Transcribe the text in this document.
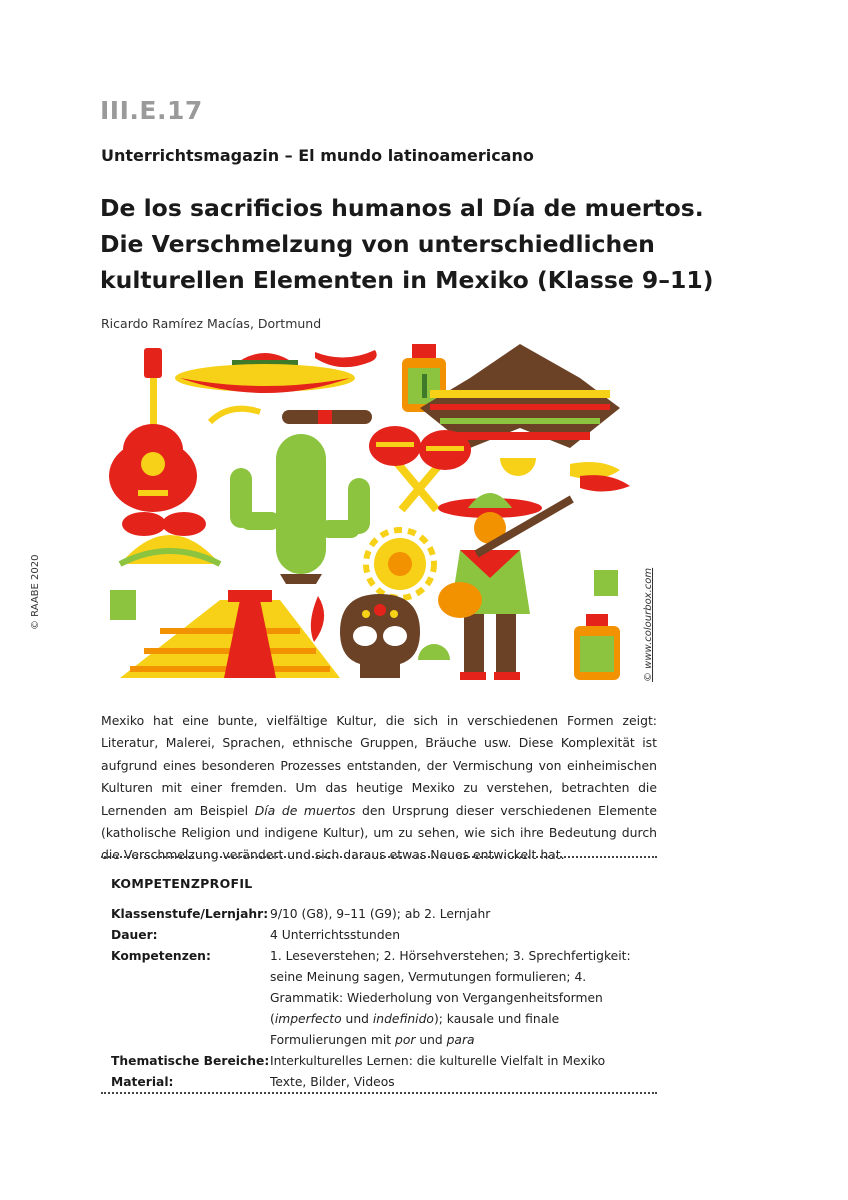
III.E.17
Unterrichtsmagazin – El mundo latinoamericano
De los sacrificios humanos al Día de muertos.
Die Verschmelzung von unterschiedlichen
kulturellen Elementen in Mexiko (Klasse 9–11)
Ricardo Ramírez Macías, Dortmund
© RAABE 2020	© www.colourbox.com
Mexiko hat eine bunte, vielfältige Kultur, die sich in verschiedenen Formen zeigt: Literatur, Malerei, Sprachen, ethnische Gruppen, Bräuche usw. Diese Komplexität ist aufgrund eines besonderen Prozesses entstanden, der Vermischung von einheimischen Kulturen mit einer fremden. Um das heutige Mexiko zu verstehen, betrachten die Lernenden am Beispiel Día de muertos den Ursprung dieser verschiedenen Elemente (katholische Religion und indigene Kultur), um zu sehen, wie sich ihre Bedeutung durch die Verschmelzung verändert und sich daraus etwas Neues entwickelt hat.
KOMPETENZPROFIL
Klassenstufe/Lernjahr: 9/10 (G8), 9–11 (G9); ab 2. Lernjahr
Dauer:	4 Unterrichtsstunden
Kompetenzen:	1. Leseverstehen; 2. Hörsehverstehen; 3. Sprechfertigkeit: seine Meinung sagen, Vermutungen formulieren; 4. Grammatik: Wiederholung von Vergangenheitsformen (imperfecto und indefinido); kausale und finale Formulierungen mit por und para
Thematische Bereiche: Interkulturelles Lernen: die kulturelle Vielfalt in Mexiko
Material:	Texte, Bilder, Videos
